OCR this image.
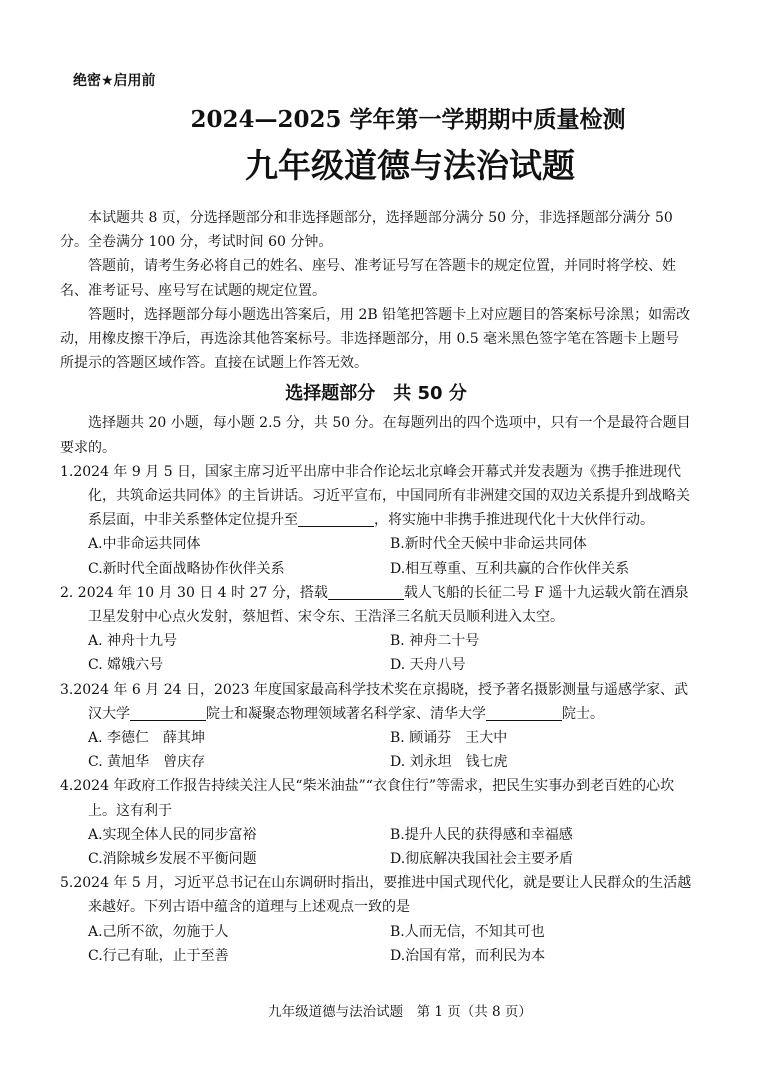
绝密★启用前
2024—2025 学年第一学期期中质量检测
九年级道德与法治试题

本试题共 8 页，分选择题部分和非选择题部分，选择题部分满分 50 分，非选择题部分满分 50 分。全卷满分 100 分，考试时间 60 分钟。

答题前，请考生务必将自己的姓名、座号、准考证号写在答题卡的规定位置，并同时将学校、姓名、准考证号、座号写在试题的规定位置。

答题时，选择题部分每小题选出答案后，用 2B 铅笔把答题卡上对应题目的答案标号涂黑；如需改动，用橡皮擦干净后，再选涂其他答案标号。非选择题部分，用 0.5 毫米黑色签字笔在答题卡上题号所提示的答题区域作答。直接在试题上作答无效。

选择题部分　共 50 分

选择题共 20 小题，每小题 2.5 分，共 50 分。在每题列出的四个选项中，只有一个是最符合题目要求的。

1.2024 年 9 月 5 日，国家主席习近平出席中非合作论坛北京峰会开幕式并发表题为《携手推进现代化，共筑命运共同体》的主旨讲话。习近平宣布，中国同所有非洲建交国的双边关系提升到战略关系层面，中非关系整体定位提升至	，将实施中非携手推进现代化十大伙伴行动。

A.中非命运共同体	B.新时代全天候中非命运共同体
C.新时代全面战略协作伙伴关系	D.相互尊重、互利共赢的合作伙伴关系

2. 2024 年 10 月 30 日 4 时 27 分，搭载	载人飞船的长征二号 F 遥十九运载火箭在酒泉卫星发射中心点火发射，蔡旭哲、宋令东、王浩泽三名航天员顺利进入太空。

A. 神舟十九号	B. 神舟二十号
C. 嫦娥六号	D. 天舟八号

3.2024 年 6 月 24 日，2023 年度国家最高科学技术奖在京揭晓，授予著名摄影测量与遥感学家、武汉大学	院士和凝聚态物理领域著名科学家、清华大学	院士。

A. 李德仁　薛其坤	B. 顾诵芬　王大中
C. 黄旭华　曾庆存	D. 刘永坦　钱七虎

4.2024 年政府工作报告持续关注人民“柴米油盐”“衣食住行”等需求，把民生实事办到老百姓的心坎上。这有利于

A.实现全体人民的同步富裕	B.提升人民的获得感和幸福感
C.消除城乡发展不平衡问题	D.彻底解决我国社会主要矛盾

5.2024 年 5 月，习近平总书记在山东调研时指出，要推进中国式现代化，就是要让人民群众的生活越来越好。下列古语中蕴含的道理与上述观点一致的是

A.己所不欲，勿施于人	B.人而无信，不知其可也
C.行己有耻，止于至善	D.治国有常，而利民为本
九年级道德与法治试题　第 1 页（共 8 页）
